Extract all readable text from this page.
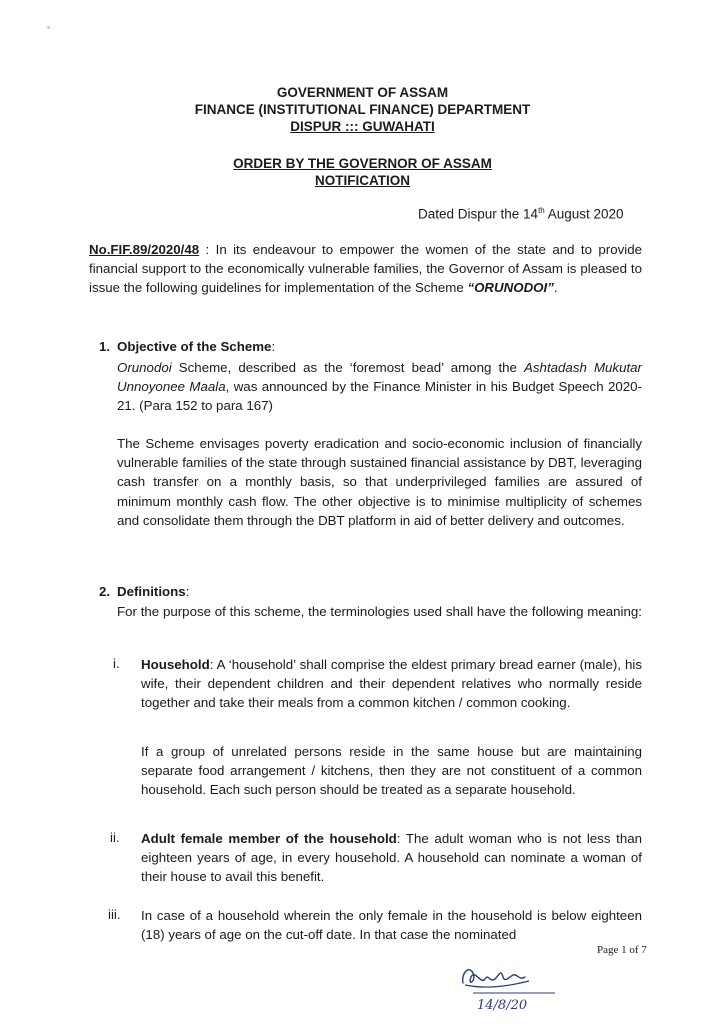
GOVERNMENT OF ASSAM
FINANCE (INSTITUTIONAL FINANCE) DEPARTMENT
DISPUR ::: GUWAHATI
ORDER BY THE GOVERNOR OF ASSAM
NOTIFICATION
Dated Dispur the 14th August 2020
No.FIF.89/2020/48 : In its endeavour to empower the women of the state and to provide financial support to the economically vulnerable families, the Governor of Assam is pleased to issue the following guidelines for implementation of the Scheme “ORUNODOI”.
1. Objective of the Scheme:
Orunodoi Scheme, described as the ‘foremost bead’ among the Ashtadash Mukutar Unnoyonee Maala, was announced by the Finance Minister in his Budget Speech 2020-21. (Para 152 to para 167)
The Scheme envisages poverty eradication and socio-economic inclusion of financially vulnerable families of the state through sustained financial assistance by DBT, leveraging cash transfer on a monthly basis, so that underprivileged families are assured of minimum monthly cash flow. The other objective is to minimise multiplicity of schemes and consolidate them through the DBT platform in aid of better delivery and outcomes.
2. Definitions:
For the purpose of this scheme, the terminologies used shall have the following meaning:
i. Household: A ‘household’ shall comprise the eldest primary bread earner (male), his wife, their dependent children and their dependent relatives who normally reside together and take their meals from a common kitchen / common cooking.
If a group of unrelated persons reside in the same house but are maintaining separate food arrangement / kitchens, then they are not constituent of a common household. Each such person should be treated as a separate household.
ii. Adult female member of the household: The adult woman who is not less than eighteen years of age, in every household. A household can nominate a woman of their house to avail this benefit.
iii. In case of a household wherein the only female in the household is below eighteen (18) years of age on the cut-off date. In that case the nominated
Page 1 of 7
14/8/20
